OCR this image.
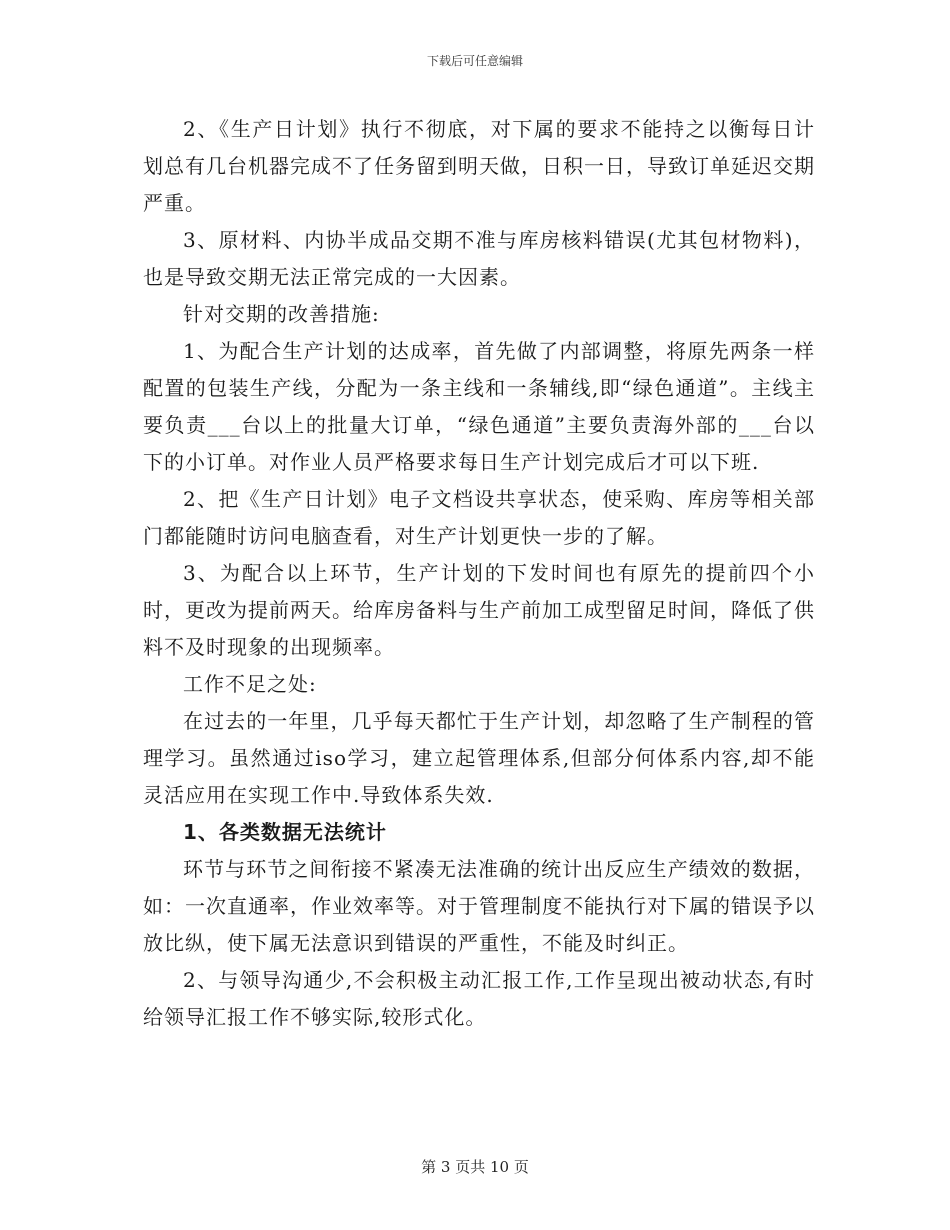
下载后可任意编辑

2、《生产日计划》执行不彻底，对下属的要求不能持之以衡每日计划总有几台机器完成不了任务留到明天做，日积一日，导致订单延迟交期严重。

3、原材料、内协半成品交期不准与库房核料错误(尤其包材物料)，也是导致交期无法正常完成的一大因素。

针对交期的改善措施:

1、为配合生产计划的达成率，首先做了内部调整，将原先两条一样配置的包装生产线，分配为一条主线和一条辅线,即“绿色通道”。主线主要负责___台以上的批量大订单，“绿色通道”主要负责海外部的___台以下的小订单。对作业人员严格要求每日生产计划完成后才可以下班.

2、把《生产日计划》电子文档设共享状态，使采购、库房等相关部门都能随时访问电脑查看，对生产计划更快一步的了解。

3、为配合以上环节，生产计划的下发时间也有原先的提前四个小时，更改为提前两天。给库房备料与生产前加工成型留足时间，降低了供料不及时现象的出现频率。

工作不足之处:

在过去的一年里，几乎每天都忙于生产计划，却忽略了生产制程的管理学习。虽然通过iso学习，建立起管理体系,但部分何体系内容,却不能灵活应用在实现工作中.导致体系失效.

1、各类数据无法统计

环节与环节之间衔接不紧凑无法准确的统计出反应生产绩效的数据，如：一次直通率，作业效率等。对于管理制度不能执行对下属的错误予以放比纵，使下属无法意识到错误的严重性，不能及时纠正。

2、与领导沟通少,不会积极主动汇报工作,工作呈现出被动状态,有时给领导汇报工作不够实际,较形式化。

第 3 页共 10 页
